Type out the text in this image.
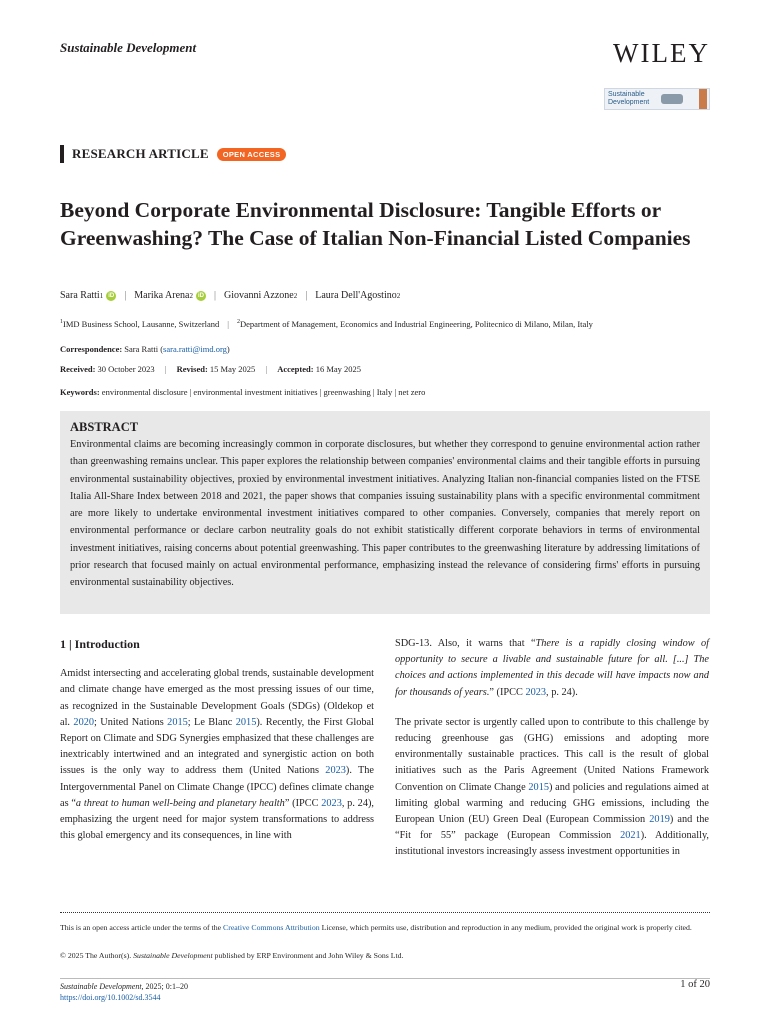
Sustainable Development	WILEY
Sustainable
Development
RESEARCH ARTICLE	OPEN ACCESS
Beyond Corporate Environmental Disclosure: Tangible Efforts or Greenwashing? The Case of Italian Non-Financial Listed Companies
Sara Ratti 1 iD | Marika Arena 2 iD | Giovanni Azzone 2 | Laura Dell'Agostino 2
$^1$IMD Business School, Lausanne, Switzerland | $^2$Department of Management, Economics and Industrial Engineering, Politecnico di Milano, Milan, Italy
Correspondence: Sara Ratti (sara.ratti@imd.org)
Received: 30 October 2023 | Revised: 15 May 2025 | Accepted: 16 May 2025
Keywords: environmental disclosure | environmental investment initiatives | greenwashing | Italy | net zero
ABSTRACT
Environmental claims are becoming increasingly common in corporate disclosures, but whether they correspond to genuine environmental action rather than greenwashing remains unclear. This paper explores the relationship between companies' environmental claims and their tangible efforts in pursuing environmental sustainability objectives, proxied by environmental investment initiatives. Analyzing Italian non-financial companies listed on the FTSE Italia All-Share Index between 2018 and 2021, the paper shows that companies issuing sustainability plans with a specific environmental commitment are more likely to undertake environmental investment initiatives compared to other companies. Conversely, companies that merely report on environmental performance or declare carbon neutrality goals do not exhibit statistically different corporate behaviors in terms of environmental investment initiatives, raising concerns about potential greenwashing. This paper contributes to the greenwashing literature by addressing limitations of prior research that focused mainly on actual environmental performance, emphasizing instead the relevance of considering firms' efforts in pursuing environmental sustainability objectives.
1 | Introduction

Amidst intersecting and accelerating global trends, sustainable development and climate change have emerged as the most pressing issues of our time, as recognized in the Sustainable Development Goals (SDGs) (Oldekop et al. 2020; United Nations 2015; Le Blanc 2015). Recently, the First Global Report on Climate and SDG Synergies emphasized that these challenges are inextricably intertwined and an integrated and synergistic action on both issues is the only way to address them (United Nations 2023). The Intergovernmental Panel on Climate Change (IPCC) defines climate change as “a threat to human well-being and planetary health” (IPCC 2023, p. 24), emphasizing the urgent need for major system transformations to address this global emergency and its consequences, in line with

SDG-13. Also, it warns that “There is a rapidly closing window of opportunity to secure a livable and sustainable future for all. [...] The choices and actions implemented in this decade will have impacts now and for thousands of years.” (IPCC 2023, p. 24).

The private sector is urgently called upon to contribute to this challenge by reducing greenhouse gas (GHG) emissions and adopting more environmentally sustainable practices. This call is the result of global initiatives such as the Paris Agreement (United Nations Framework Convention on Climate Change 2015) and policies and regulations aimed at limiting global warming and reducing GHG emissions, including the European Union (EU) Green Deal (European Commission 2019) and the “Fit for 55” package (European Commission 2021). Additionally, institutional investors increasingly assess investment opportunities in

This is an open access article under the terms of the Creative Commons Attribution License, which permits use, distribution and reproduction in any medium, provided the original work is properly cited.
© 2025 The Author(s). Sustainable Development published by ERP Environment and John Wiley & Sons Ltd.
Sustainable Development, 2025; 0:1–20
https://doi.org/10.1002/sd.3544
1 of 20
